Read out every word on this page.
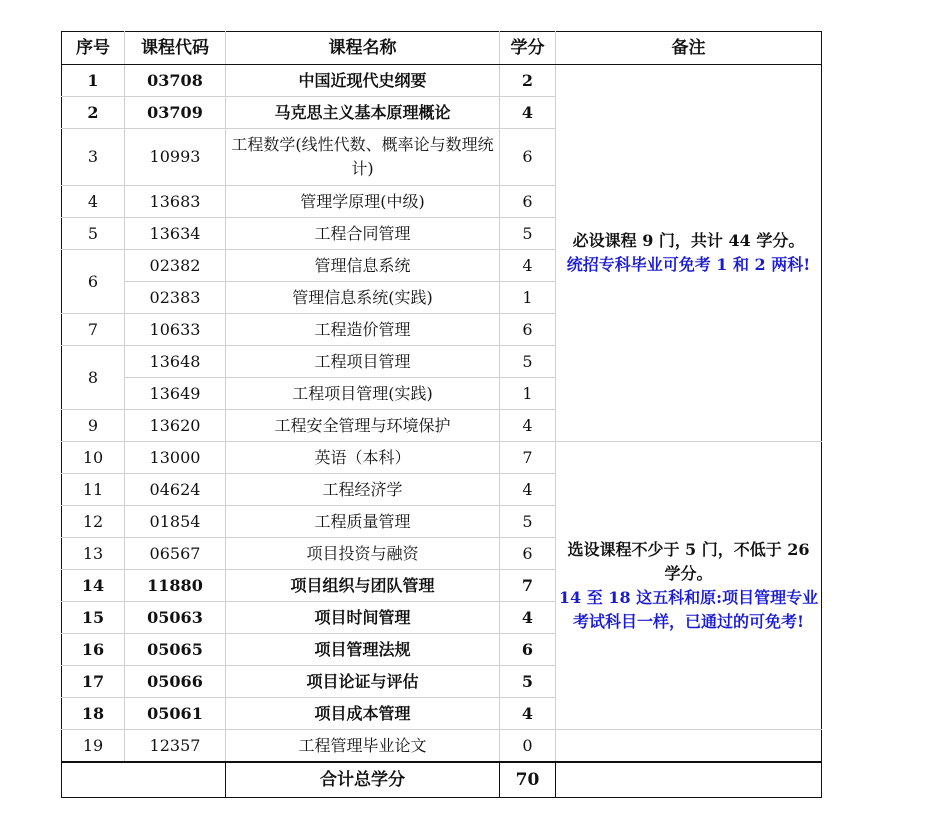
序号	课程代码	课程名称	学分	备注
1	03708	中国近现代史纲要	2	必设课程 9 门，共计 44 学分。
统招专科毕业可免考 1 和 2 两科!
2	03709	马克思主义基本原理概论	4	
3	10993	工程数学(线性代数、概率论与数理统计)	6	
4	13683	管理学原理(中级)	6	
5	13634	工程合同管理	5	
6	02382	管理信息系统	4	
	02383	管理信息系统(实践)	1	
7	10633	工程造价管理	6	
8	13648	工程项目管理	5	
	13649	工程项目管理(实践)	1	
9	13620	工程安全管理与环境保护	4	
10	13000	英语（本科）	7	选设课程不少于 5 门，不低于 26 学分。
14 至 18 这五科和原:项目管理专业考试科目一样，已通过的可免考!
11	04624	工程经济学	4	
12	01854	工程质量管理	5	
13	06567	项目投资与融资	6	
14	11880	项目组织与团队管理	7	
15	05063	项目时间管理	4	
16	05065	项目管理法规	6	
17	05066	项目论证与评估	5	
18	05061	项目成本管理	4	
19	12357	工程管理毕业论文	0	
		合计总学分	70	
